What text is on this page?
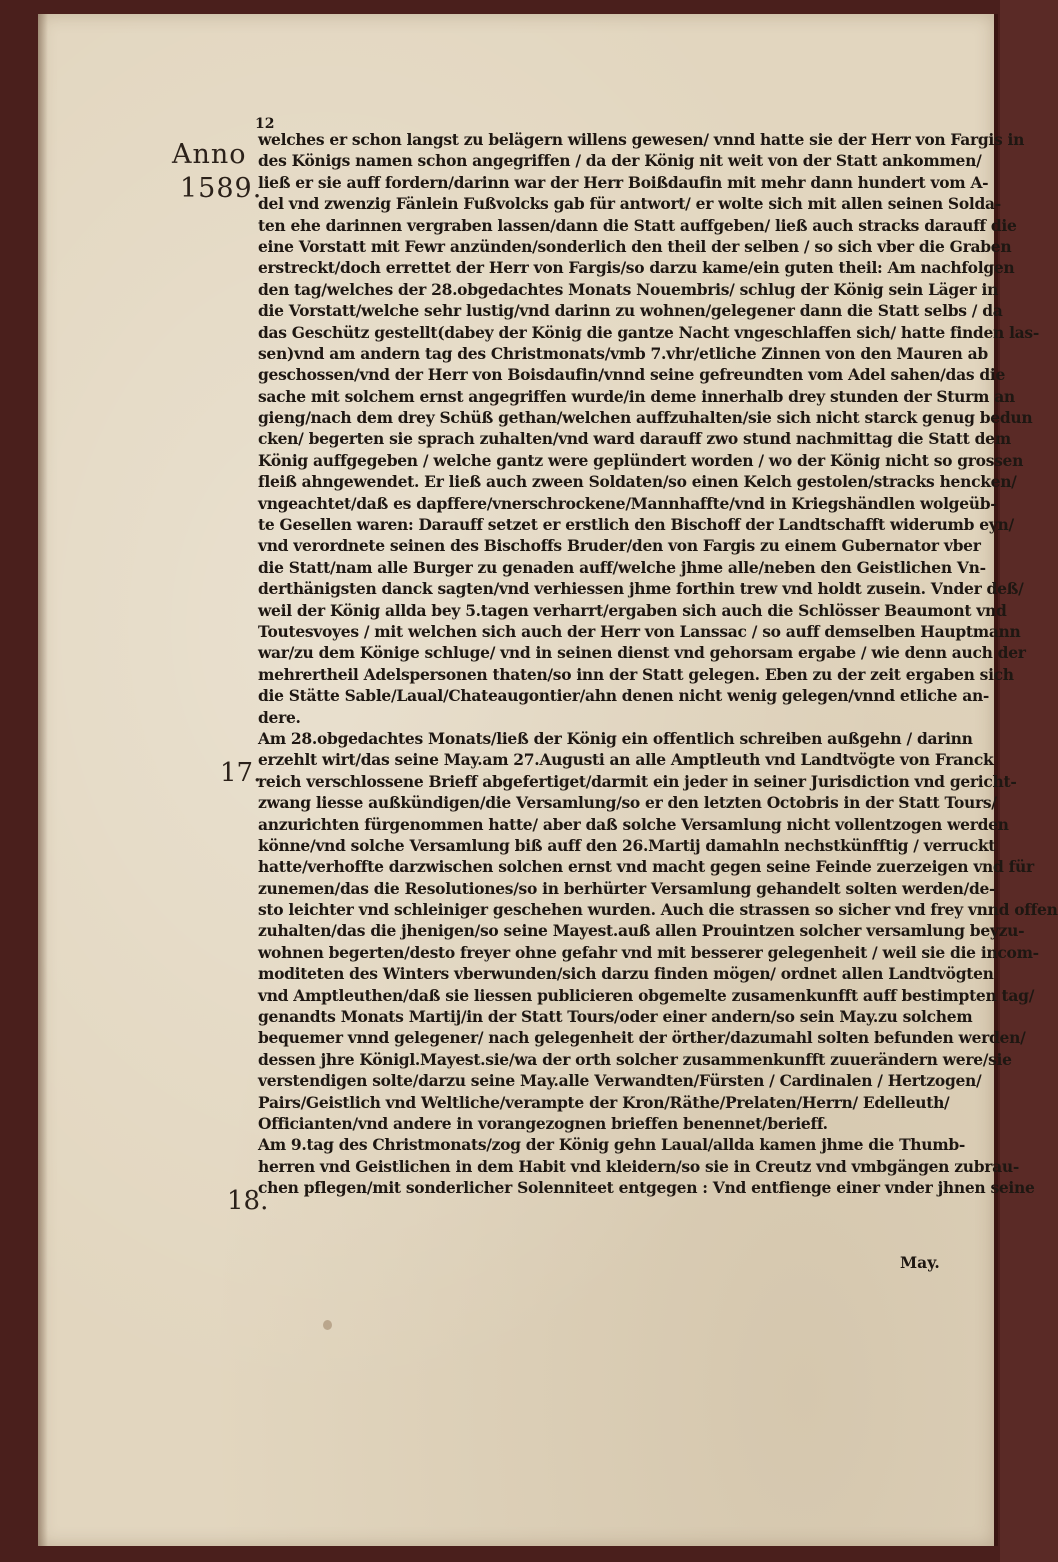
12
Anno
1589.
17.
18.
welches er schon langst zu belägern willens gewesen/ vnnd hatte sie der Herr von Fargis in
des Königs namen schon angegriffen / da der König nit weit von der Statt ankommen/
ließ er sie auff fordern/darinn war der Herr Boißdaufin mit mehr dann hundert vom A-
del vnd zwenzig Fänlein Fußvolcks gab für antwort/ er wolte sich mit allen seinen Solda-
ten ehe darinnen vergraben lassen/dann die Statt auffgeben/ ließ auch stracks darauff die
eine Vorstatt mit Fewr anzünden/sonderlich den theil der selben / so sich vber die Graben
erstreckt/doch errettet der Herr von Fargis/so darzu kame/ein guten theil: Am nachfolgen
den tag/welches der 28.obgedachtes Monats Nouembris/ schlug der König sein Läger in
die Vorstatt/welche sehr lustig/vnd darinn zu wohnen/gelegener dann die Statt selbs / da
das Geschütz gestellt(dabey der König die gantze Nacht vngeschlaffen sich/ hatte finden las-
sen)vnd am andern tag des Christmonats/vmb 7.vhr/etliche Zinnen von den Mauren ab
geschossen/vnd der Herr von Boisdaufin/vnnd seine gefreundten vom Adel sahen/das die
sache mit solchem ernst angegriffen wurde/in deme innerhalb drey stunden der Sturm an
gieng/nach dem drey Schüß gethan/welchen auffzuhalten/sie sich nicht starck genug bedun
cken/ begerten sie sprach zuhalten/vnd ward darauff zwo stund nachmittag die Statt dem
König auffgegeben / welche gantz were geplündert worden / wo der König nicht so grossen
fleiß ahngewendet. Er ließ auch zween Soldaten/so einen Kelch gestolen/stracks hencken/
vngeachtet/daß es dapffere/vnerschrockene/Mannhaffte/vnd in Kriegshändlen wolgeüb-
te Gesellen waren: Darauff setzet er erstlich den Bischoff der Landtschafft widerumb eyn/
vnd verordnete seinen des Bischoffs Bruder/den von Fargis zu einem Gubernator vber
die Statt/nam alle Burger zu genaden auff/welche jhme alle/neben den Geistlichen Vn-
derthänigsten danck sagten/vnd verhiessen jhme forthin trew vnd holdt zusein. Vnder deß/
weil der König allda bey 5.tagen verharrt/ergaben sich auch die Schlösser Beaumont vnd
Toutesvoyes / mit welchen sich auch der Herr von Lanssac / so auff demselben Hauptmann
war/zu dem Könige schluge/ vnd in seinen dienst vnd gehorsam ergabe / wie denn auch der
mehrertheil Adelspersonen thaten/so inn der Statt gelegen. Eben zu der zeit ergaben sich
die Stätte Sable/Laual/Chateaugontier/ahn denen nicht wenig gelegen/vnnd etliche an-
dere.
Am 28.obgedachtes Monats/ließ der König ein offentlich schreiben außgehn / darinn
erzehlt wirt/das seine May.am 27.Augusti an alle Amptleuth vnd Landtvögte von Franck
reich verschlossene Brieff abgefertiget/darmit ein jeder in seiner Jurisdiction vnd gericht-
zwang liesse außkündigen/die Versamlung/so er den letzten Octobris in der Statt Tours/
anzurichten fürgenommen hatte/ aber daß solche Versamlung nicht vollentzogen werden
könne/vnd solche Versamlung biß auff den 26.Martij damahln nechstkünfftig / verruckt
hatte/verhoffte darzwischen solchen ernst vnd macht gegen seine Feinde zuerzeigen vnd für
zunemen/das die Resolutiones/so in berhürter Versamlung gehandelt solten werden/de-
sto leichter vnd schleiniger geschehen wurden. Auch die strassen so sicher vnd frey vnnd offen
zuhalten/das die jhenigen/so seine Mayest.auß allen Prouintzen solcher versamlung beyzu-
wohnen begerten/desto freyer ohne gefahr vnd mit besserer gelegenheit / weil sie die incom-
moditeten des Winters vberwunden/sich darzu finden mögen/ ordnet allen Landtvögten
vnd Amptleuthen/daß sie liessen publicieren obgemelte zusamenkunfft auff bestimpten tag/
genandts Monats Martij/in der Statt Tours/oder einer andern/so sein May.zu solchem
bequemer vnnd gelegener/ nach gelegenheit der örther/dazumahl solten befunden werden/
dessen jhre Königl.Mayest.sie/wa der orth solcher zusammenkunfft zuuerändern were/sie
verstendigen solte/darzu seine May.alle Verwandten/Fürsten / Cardinalen / Hertzogen/
Pairs/Geistlich vnd Weltliche/verampte der Kron/Räthe/Prelaten/Herrn/ Edelleuth/
Officianten/vnd andere in vorangezognen brieffen benennet/berieff.
Am 9.tag des Christmonats/zog der König gehn Laual/allda kamen jhme die Thumb-
herren vnd Geistlichen in dem Habit vnd kleidern/so sie in Creutz vnd vmbgängen zubrau-
chen pflegen/mit sonderlicher Solenniteet entgegen : Vnd entfienge einer vnder jhnen seine
May.
